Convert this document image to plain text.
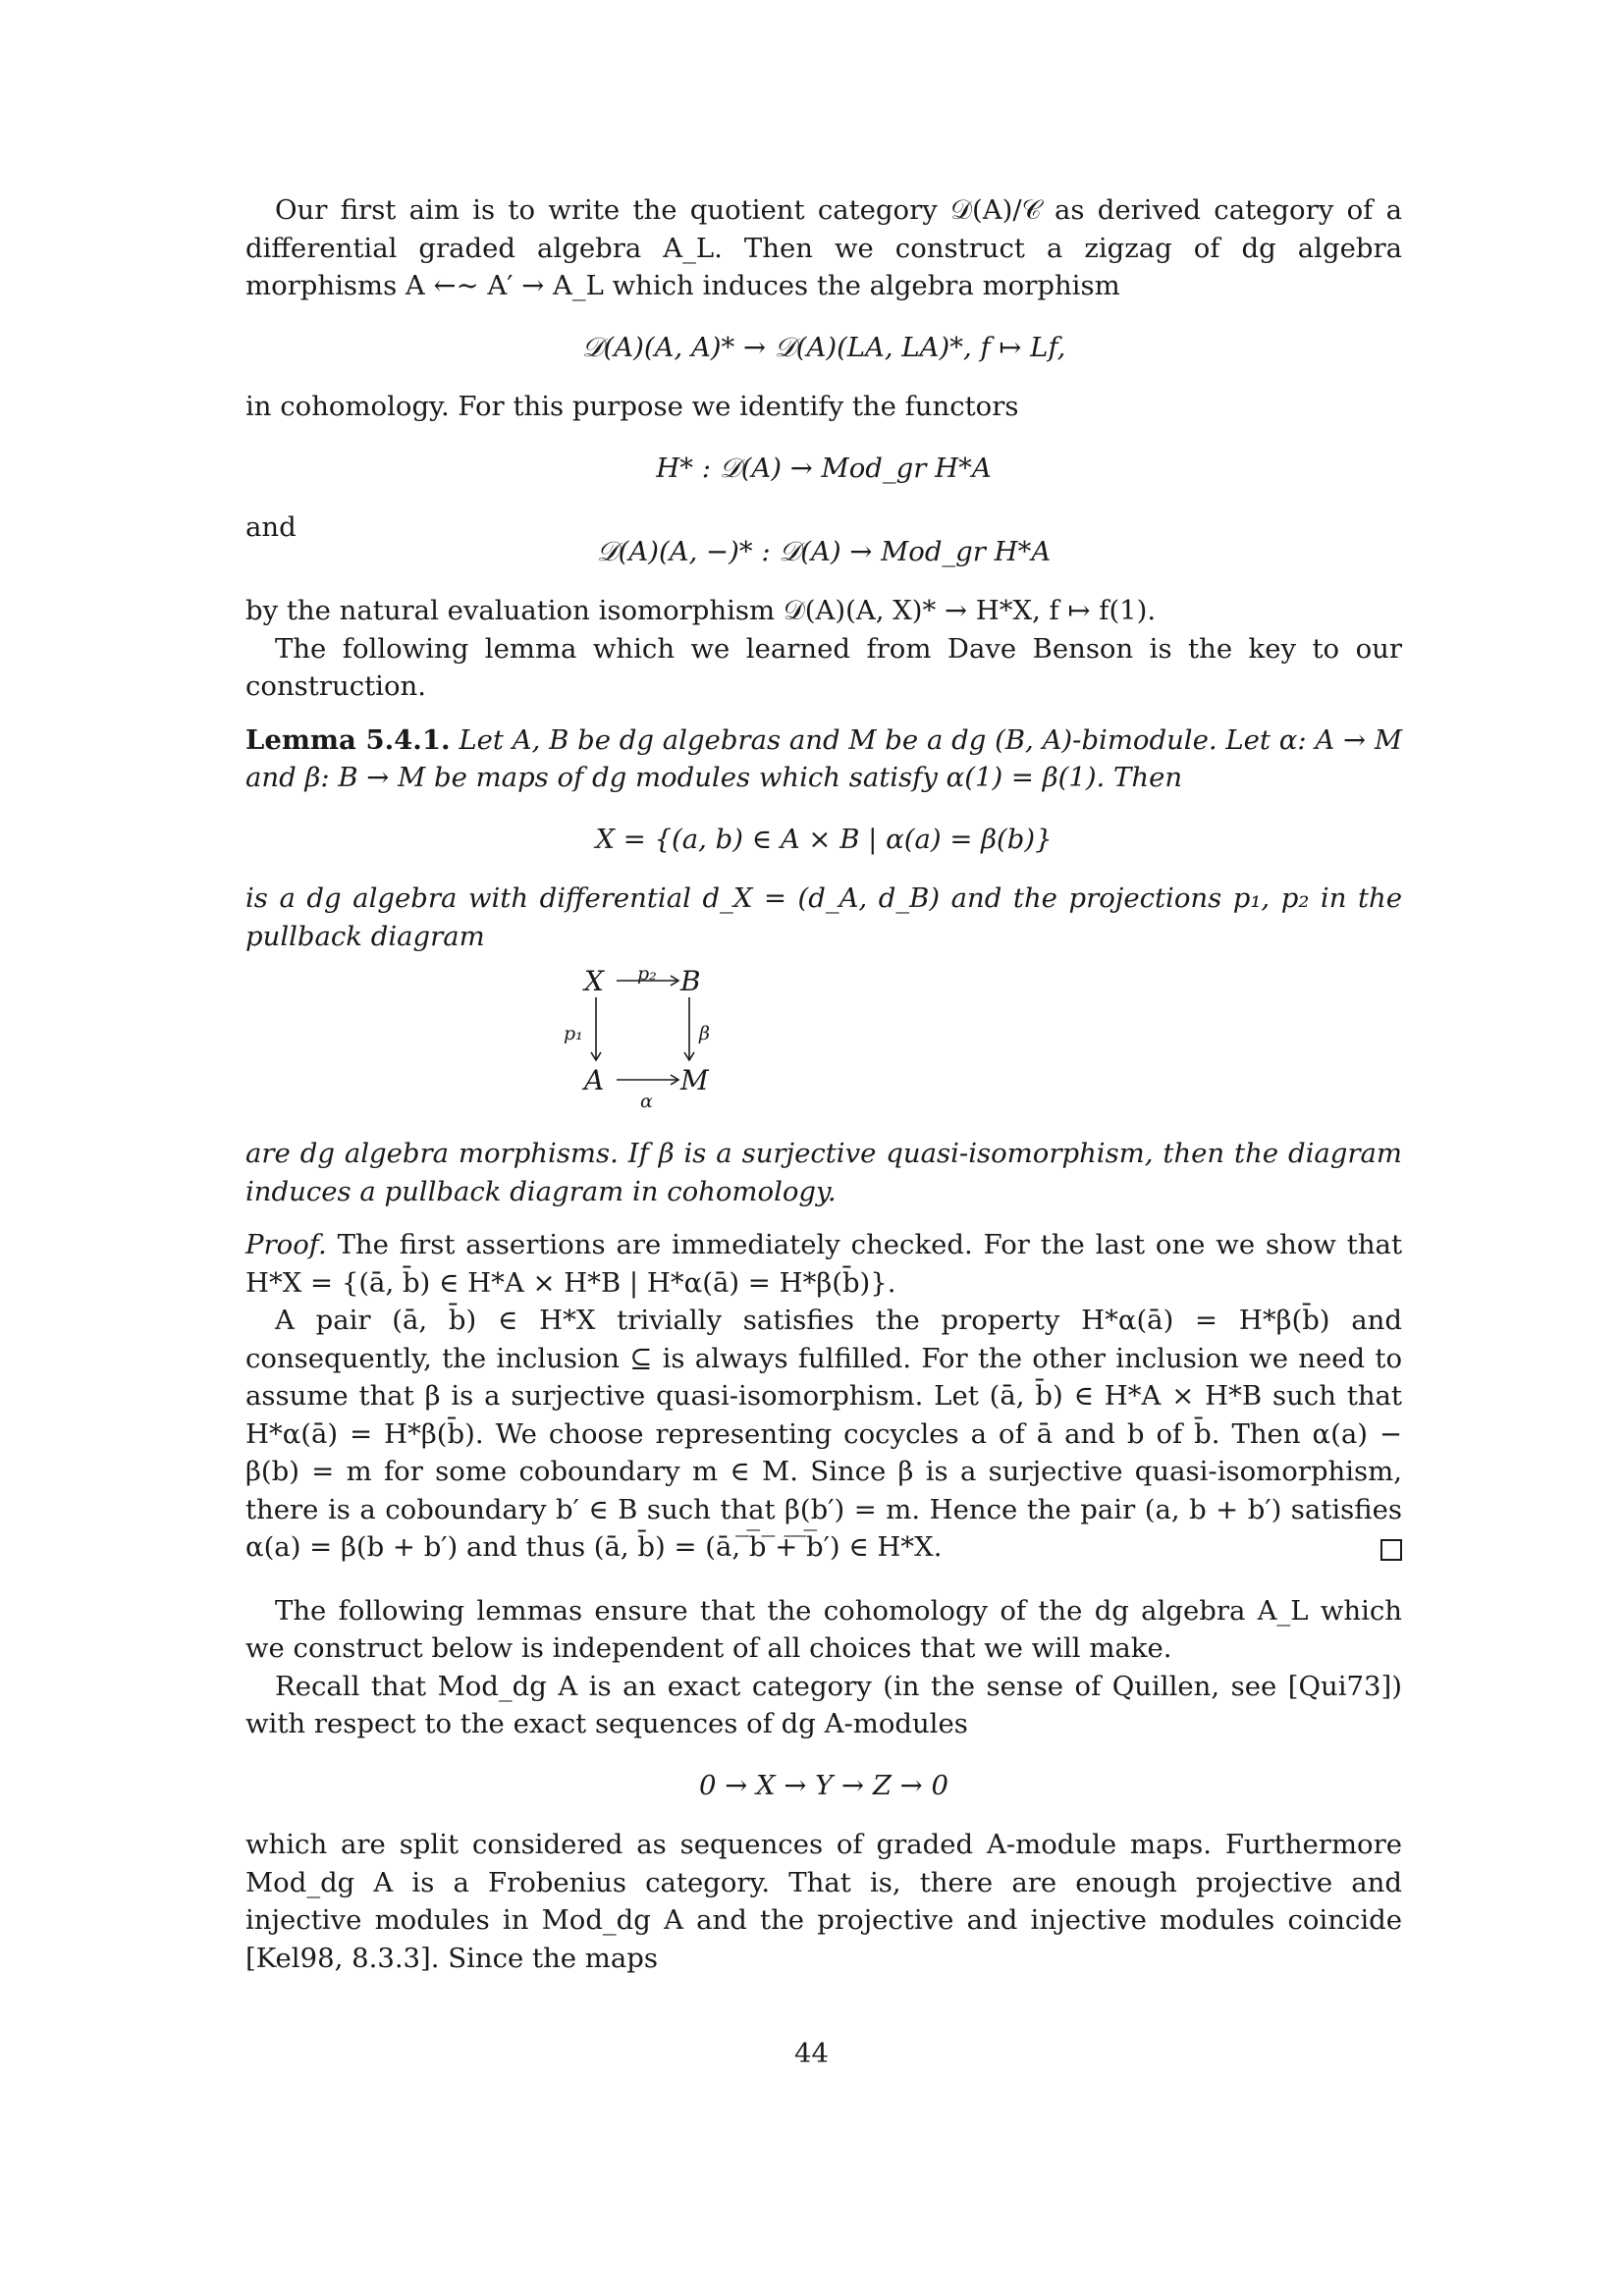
Our first aim is to write the quotient category 𝒟(A)/𝒞 as derived category of a differential graded algebra A_L. Then we construct a zigzag of dg algebra morphisms A ←∼ A′ → A_L which induces the algebra morphism

𝒟(A)(A, A)* → 𝒟(A)(LA, LA)*, f ↦ Lf,

in cohomology. For this purpose we identify the functors

H* : 𝒟(A) → Mod_gr H*A

and

𝒟(A)(A, −)* : 𝒟(A) → Mod_gr H*A

by the natural evaluation isomorphism 𝒟(A)(A, X)* → H*X, f ↦ f(1).

The following lemma which we learned from Dave Benson is the key to our construction.

Lemma 5.4.1. Let A, B be dg algebras and M be a dg (B, A)-bimodule. Let α: A → M and β: B → M be maps of dg modules which satisfy α(1) = β(1). Then

X = {(a, b) ∈ A × B | α(a) = β(b)}

is a dg algebra with differential d_X = (d_A, d_B) and the projections p₁, p₂ in the pullback diagram

X	B
A	M
p₂
p₁	β
α

are dg algebra morphisms. If β is a surjective quasi-isomorphism, then the diagram induces a pullback diagram in cohomology.

Proof. The first assertions are immediately checked. For the last one we show that H*X = {(ā, b̄) ∈ H*A × H*B | H*α(ā) = H*β(b̄)}.

A pair (ā, b̄) ∈ H*X trivially satisfies the property H*α(ā) = H*β(b̄) and consequently, the inclusion ⊆ is always fulfilled. For the other inclusion we need to assume that β is a surjective quasi-isomorphism. Let (ā, b̄) ∈ H*A × H*B such that H*α(ā) = H*β(b̄). We choose representing cocycles a of ā and b of b̄. Then α(a) − β(b) = m for some coboundary m ∈ M. Since β is a surjective quasi-isomorphism, there is a coboundary b′ ∈ B such that β(b′) = m. Hence the pair (a, b + b′) satisfies α(a) = β(b + b′) and thus (ā, b̄) = (ā, ̅b̅ ̅+̅ ̅b̅′) ∈ H*X.

The following lemmas ensure that the cohomology of the dg algebra A_L which we construct below is independent of all choices that we will make.

Recall that Mod_dg A is an exact category (in the sense of Quillen, see [Qui73]) with respect to the exact sequences of dg A-modules

0 → X → Y → Z → 0

which are split considered as sequences of graded A-module maps. Furthermore Mod_dg A is a Frobenius category. That is, there are enough projective and injective modules in Mod_dg A and the projective and injective modules coincide [Kel98, 8.3.3]. Since the maps

44
